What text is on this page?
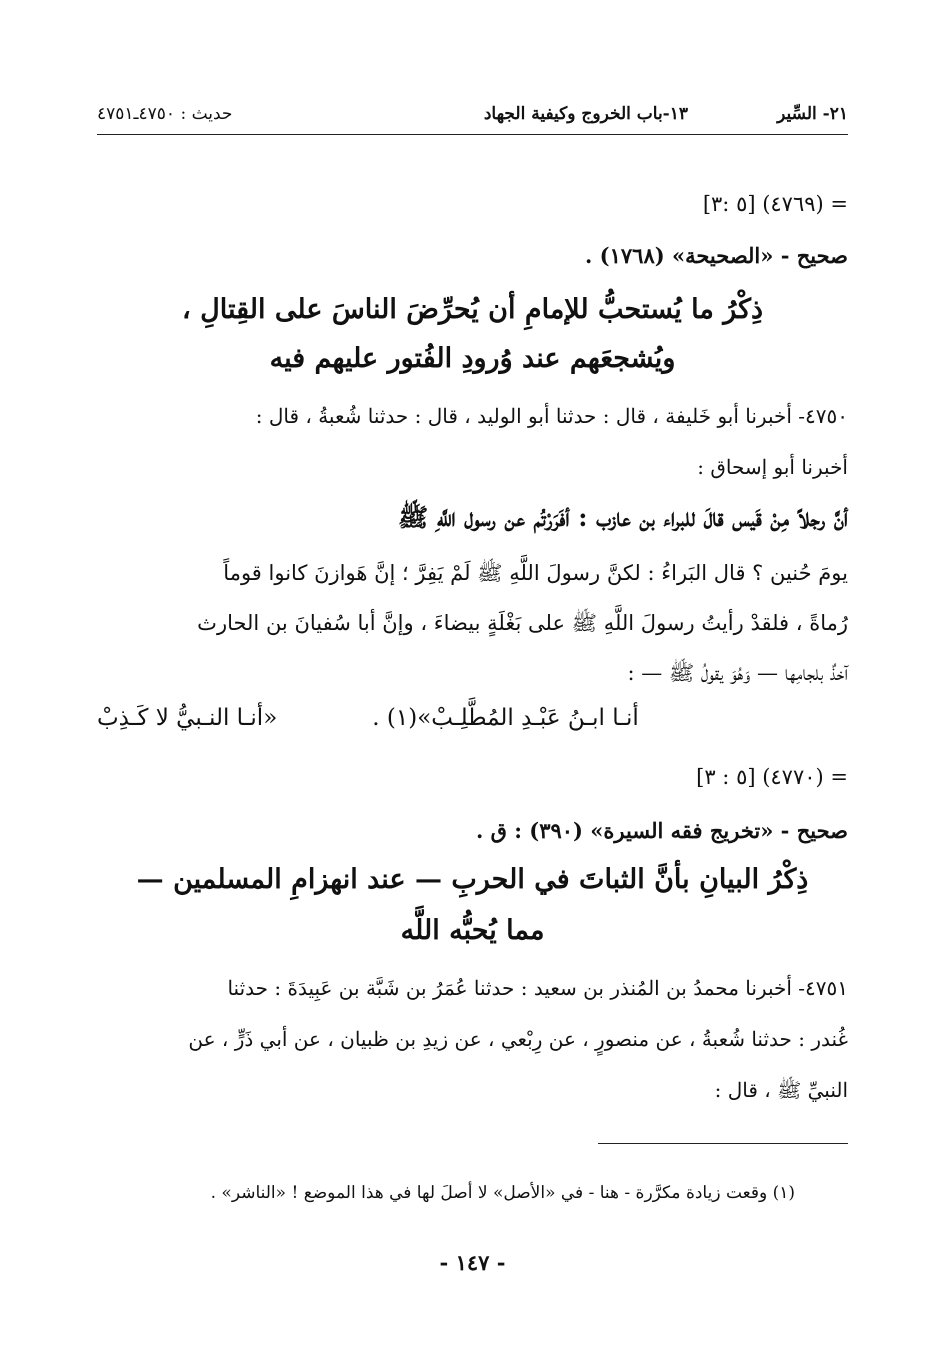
٢١- السِّير
١٣-باب الخروج وكيفية الجهاد
حديث : ٤٧٥٠ـ٤٧٥١
= (٤٧٦٩) [٥ :٣]
صحيح - «الصحيحة» (١٧٦٨) .
ذِكْرُ ما يُستحبُّ للإمامِ أن يُحرِّضَ الناسَ على القِتالِ ،
ويُشجعَهم عند وُرودِ الفُتور عليهم فيه
٤٧٥٠- أخبرنا أبو خَليفة ، قال : حدثنا أبو الوليد ، قال : حدثنا شُعبةُ ، قال :
أخبرنا أبو إسحاق :
أنَّ رجلاً مِنْ قَيس قالَ للبراء بن عازب : أفَرَرْتُم عن رسول اللَّهِ ﷺ
يومَ حُنين ؟ قال البَراءُ : لكنَّ رسولَ اللَّهِ ﷺ لَمْ يَفِرَّ ؛ إنَّ هَوازنَ كانوا قوماً
رُماةً ، فلقدْ رأيتُ رسولَ اللَّهِ ﷺ على بَغْلَةٍ بيضاءَ ، وإنَّ أبا سُفيانَ بن الحارث
آخذٌ بلجامِها — وَهُوَ يقولُ ﷺ — :
«أنـا النـبيُّ لا كَـذِبْ	أنـا ابـنُ عَبْـدِ المُطَّلِـبْ»(١) .
= (٤٧٧٠) [٥ : ٣]
صحيح - «تخريج فقه السيرة» (٣٩٠) : ق .
ذِكْرُ البيانِ بأنَّ الثباتَ في الحربِ — عند انهزامِ المسلمين —
مما يُحبُّه اللَّه
٤٧٥١- أخبرنا محمدُ بن المُنذر بن سعيد : حدثنا عُمَرُ بن شَبَّة بن عَبِيدَةَ : حدثنا
غُندر : حدثنا شُعبةُ ، عن منصورٍ ، عن رِبْعي ، عن زيدِ بن ظبيان ، عن أبي ذَرٍّ ، عن
النبيِّ ﷺ ، قال :
(١) وقعت زيادة مكرَّرة - هنا - في «الأصل» لا أصلَ لها في هذا الموضع ! «الناشر» .
- ١٤٧ -
